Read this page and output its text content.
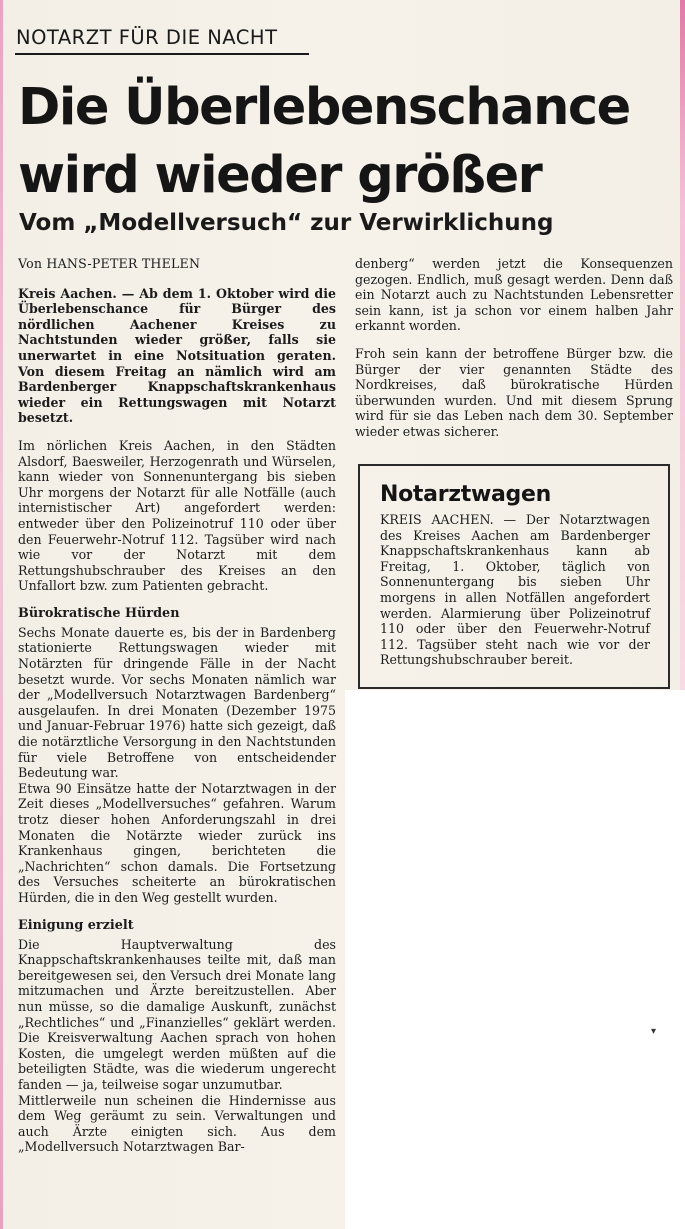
NOTARZT FÜR DIE NACHT
Die Überlebenschance
wird wieder größer
Vom „Modellversuch“ zur Verwirklichung

Von HANS-PETER THELEN

Kreis Aachen. — Ab dem 1. Oktober wird die Überlebenschance für Bürger des nördlichen Aachener Kreises zu Nachtstunden wieder größer, falls sie unerwartet in eine Notsituation geraten. Von diesem Freitag an nämlich wird am Bardenberger Knappschaftskrankenhaus wieder ein Rettungswagen mit Notarzt besetzt.

Im nörlichen Kreis Aachen, in den Städten Alsdorf, Baesweiler, Herzogenrath und Würselen, kann wieder von Sonnenuntergang bis sieben Uhr morgens der Notarzt für alle Notfälle (auch internistischer Art) angefordert werden: entweder über den Polizeinotruf 110 oder über den Feuerwehr-Notruf 112. Tagsüber wird nach wie vor der Notarzt mit dem Rettungshubschrauber des Kreises an den Unfallort bzw. zum Patienten gebracht.

Bürokratische Hürden

Sechs Monate dauerte es, bis der in Bardenberg stationierte Rettungswagen wieder mit Notärzten für dringende Fälle in der Nacht besetzt wurde. Vor sechs Monaten nämlich war der „Modellversuch Notarztwagen Bardenberg“ ausgelaufen. In drei Monaten (Dezember 1975 und Januar-Februar 1976) hatte sich gezeigt, daß die notärztliche Versorgung in den Nachtstunden für viele Betroffene von entscheidender Bedeutung war.

Etwa 90 Einsätze hatte der Notarztwagen in der Zeit dieses „Modellversuches“ gefahren. Warum trotz dieser hohen Anforderungszahl in drei Monaten die Notärzte wieder zurück ins Krankenhaus gingen, berichteten die „Nachrichten“ schon damals. Die Fortsetzung des Versuches scheiterte an bürokratischen Hürden, die in den Weg gestellt wurden.

Einigung erzielt

Die Hauptverwaltung des Knappschaftskrankenhauses teilte mit, daß man bereitgewesen sei, den Versuch drei Monate lang mitzumachen und Ärzte bereitzustellen. Aber nun müsse, so die damalige Auskunft, zunächst „Rechtliches“ und „Finanzielles“ geklärt werden. Die Kreisverwaltung Aachen sprach von hohen Kosten, die umgelegt werden müßten auf die beteiligten Städte, was die wiederum ungerecht fanden — ja, teilweise sogar unzumutbar.

Mittlerweile nun scheinen die Hindernisse aus dem Weg geräumt zu sein. Verwaltungen und auch Ärzte einigten sich. Aus dem „Modellversuch Notarztwagen Bar-

denberg“ werden jetzt die Konsequenzen gezogen. Endlich, muß gesagt werden. Denn daß ein Notarzt auch zu Nachtstunden Lebensretter sein kann, ist ja schon vor einem halben Jahr erkannt worden.

Froh sein kann der betroffene Bürger bzw. die Bürger der vier genannten Städte des Nordkreises, daß bürokratische Hürden überwunden wurden. Und mit diesem Sprung wird für sie das Leben nach dem 30. September wieder etwas sicherer.

Notarztwagen

KREIS AACHEN. — Der Notarztwagen des Kreises Aachen am Bardenberger Knappschaftskrankenhaus kann ab Freitag, 1. Oktober, täglich von Sonnenuntergang bis sieben Uhr morgens in allen Notfällen angefordert werden. Alarmierung über Polizeinotruf 110 oder über den Feuerwehr-Notruf 112. Tagsüber steht nach wie vor der Rettungshubschrauber bereit.

▾
